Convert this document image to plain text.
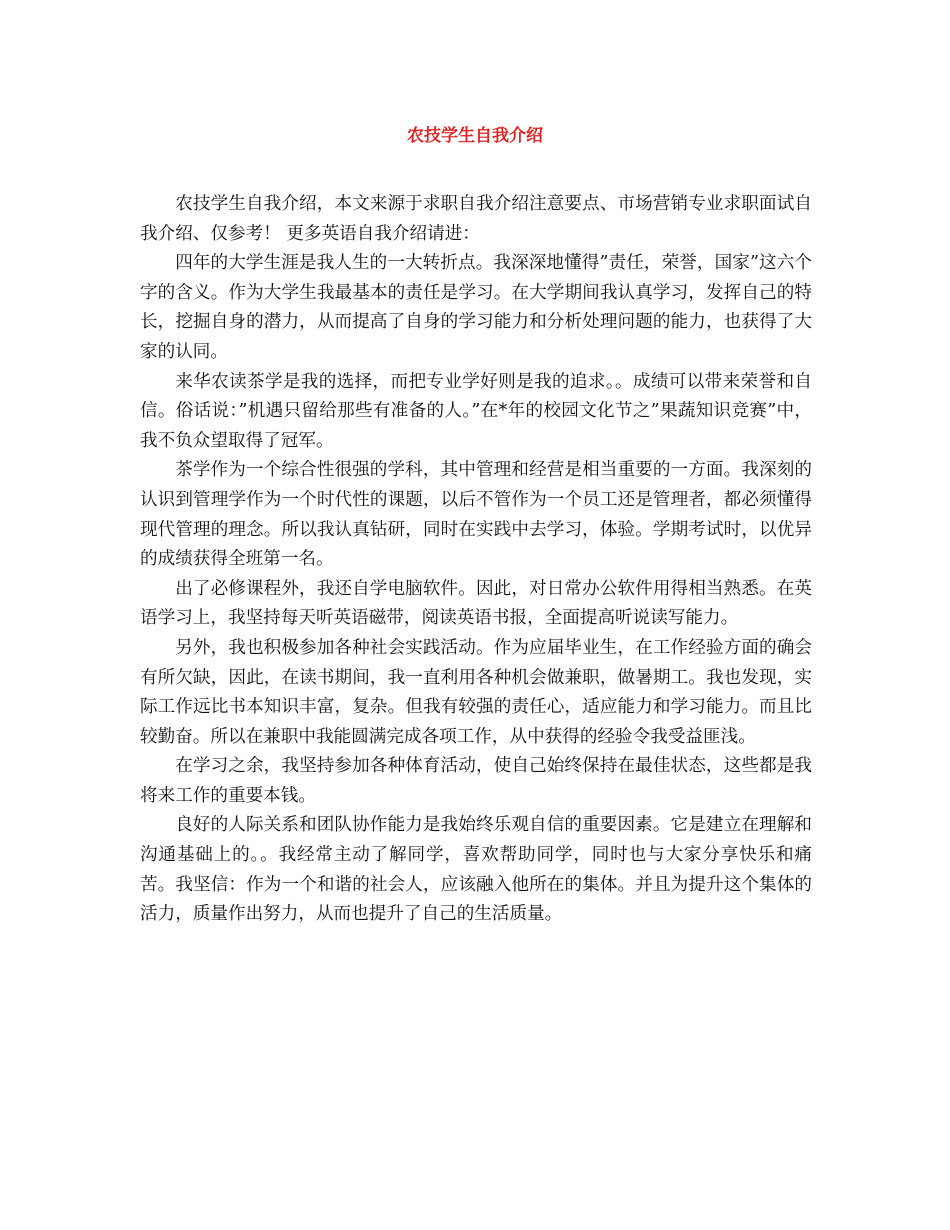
农技学生自我介绍

农技学生自我介绍，本文来源于求职自我介绍注意要点、市场营销专业求职面试自我介绍、仅参考！ 更多英语自我介绍请进：

四年的大学生涯是我人生的一大转折点。我深深地懂得”责任，荣誉，国家”这六个字的含义。作为大学生我最基本的责任是学习。在大学期间我认真学习，发挥自己的特长，挖掘自身的潜力，从而提高了自身的学习能力和分析处理问题的能力，也获得了大家的认同。

来华农读茶学是我的选择，而把专业学好则是我的追求。。成绩可以带来荣誉和自信。俗话说：”机遇只留给那些有准备的人。”在*年的校园文化节之”果蔬知识竞赛”中，我不负众望取得了冠军。

茶学作为一个综合性很强的学科，其中管理和经营是相当重要的一方面。我深刻的认识到管理学作为一个时代性的课题，以后不管作为一个员工还是管理者，都必须懂得现代管理的理念。所以我认真钻研，同时在实践中去学习，体验。学期考试时，以优异的成绩获得全班第一名。

出了必修课程外，我还自学电脑软件。因此，对日常办公软件用得相当熟悉。在英语学习上，我坚持每天听英语磁带，阅读英语书报，全面提高听说读写能力。

另外，我也积极参加各种社会实践活动。作为应届毕业生，在工作经验方面的确会有所欠缺，因此，在读书期间，我一直利用各种机会做兼职，做暑期工。我也发现，实际工作远比书本知识丰富，复杂。但我有较强的责任心，适应能力和学习能力。而且比较勤奋。所以在兼职中我能圆满完成各项工作，从中获得的经验令我受益匪浅。

在学习之余，我坚持参加各种体育活动，使自己始终保持在最佳状态，这些都是我将来工作的重要本钱。

良好的人际关系和团队协作能力是我始终乐观自信的重要因素。它是建立在理解和沟通基础上的。。我经常主动了解同学，喜欢帮助同学，同时也与大家分享快乐和痛苦。我坚信：作为一个和谐的社会人，应该融入他所在的集体。并且为提升这个集体的活力，质量作出努力，从而也提升了自己的生活质量。
